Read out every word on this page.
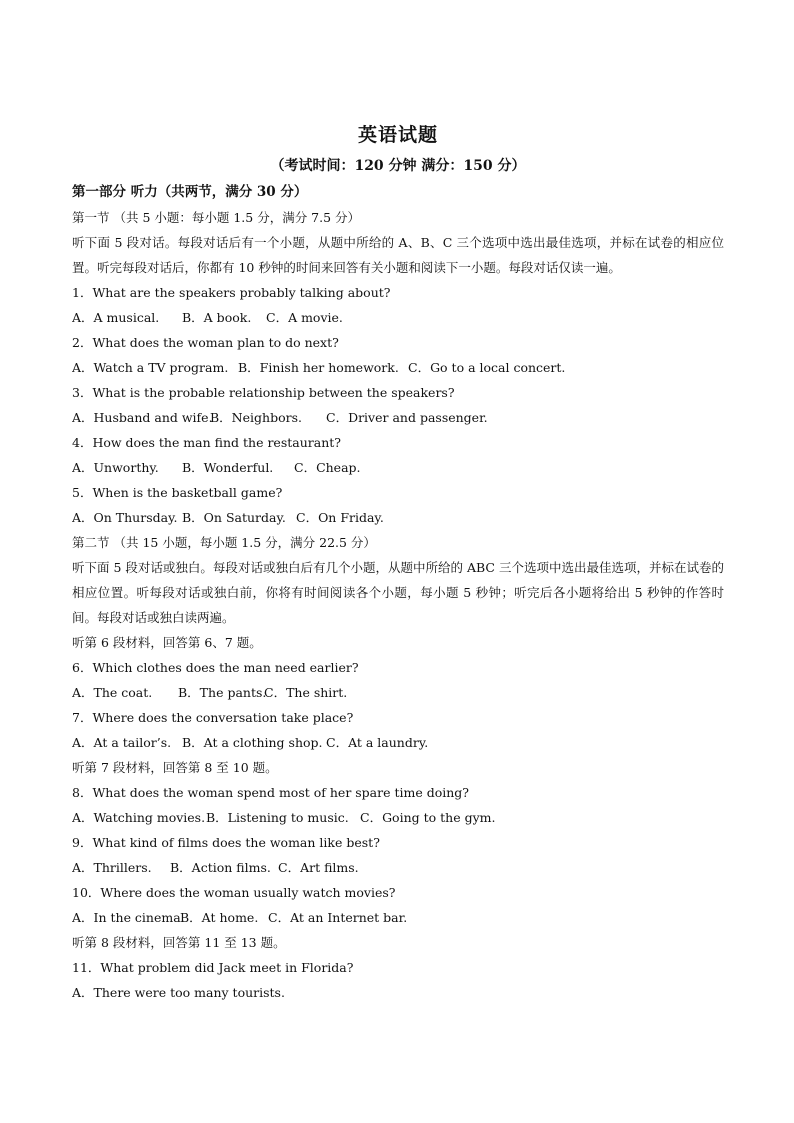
英语试题
（考试时间：120 分钟 满分：150 分）
第一部分 听力（共两节，满分 30 分）
第一节 （共 5 小题：每小题 1.5 分，满分 7.5 分）
听下面 5 段对话。每段对话后有一个小题，从题中所给的 A、B、C 三个选项中选出最佳选项，并标在试卷的相应位置。听完每段对话后，你都有 10 秒钟的时间来回答有关小题和阅读下一小题。每段对话仅读一遍。
1．What are the speakers probably talking about?
A．A musical. B．A book. C．A movie.
2．What does the woman plan to do next?
A．Watch a TV program. B．Finish her homework. C．Go to a local concert.
3．What is the probable relationship between the speakers?
A．Husband and wife.B．Neighbors. C．Driver and passenger.
4．How does the man find the restaurant?
A．Unworthy. B．Wonderful. C．Cheap.
5．When is the basketball game?
A．On Thursday. B．On Saturday. C．On Friday.
第二节 （共 15 小题，每小题 1.5 分，满分 22.5 分）
听下面 5 段对话或独白。每段对话或独白后有几个小题，从题中所给的 ABC 三个选项中选出最佳选项，并标在试卷的相应位置。听每段对话或独白前，你将有时间阅读各个小题，每小题 5 秒钟；听完后各小题将给出 5 秒钟的作答时间。每段对话或独白读两遍。
听第 6 段材料，回答第 6、7 题。
6．Which clothes does the man need earlier?
A．The coat. B．The pants.C．The shirt.
7．Where does the conversation take place?
A．At a tailor’s. B．At a clothing shop. C．At a laundry.
听第 7 段材料，回答第 8 至 10 题。
8．What does the woman spend most of her spare time doing?
A．Watching movies.B．Listening to music. C．Going to the gym.
9．What kind of films does the woman like best?
A．Thrillers. B．Action films. C．Art films.
10．Where does the woman usually watch movies?
A．In the cinema.B．At home. C．At an Internet bar.
听第 8 段材料，回答第 11 至 13 题。
11．What problem did Jack meet in Florida?
A．There were too many tourists.
